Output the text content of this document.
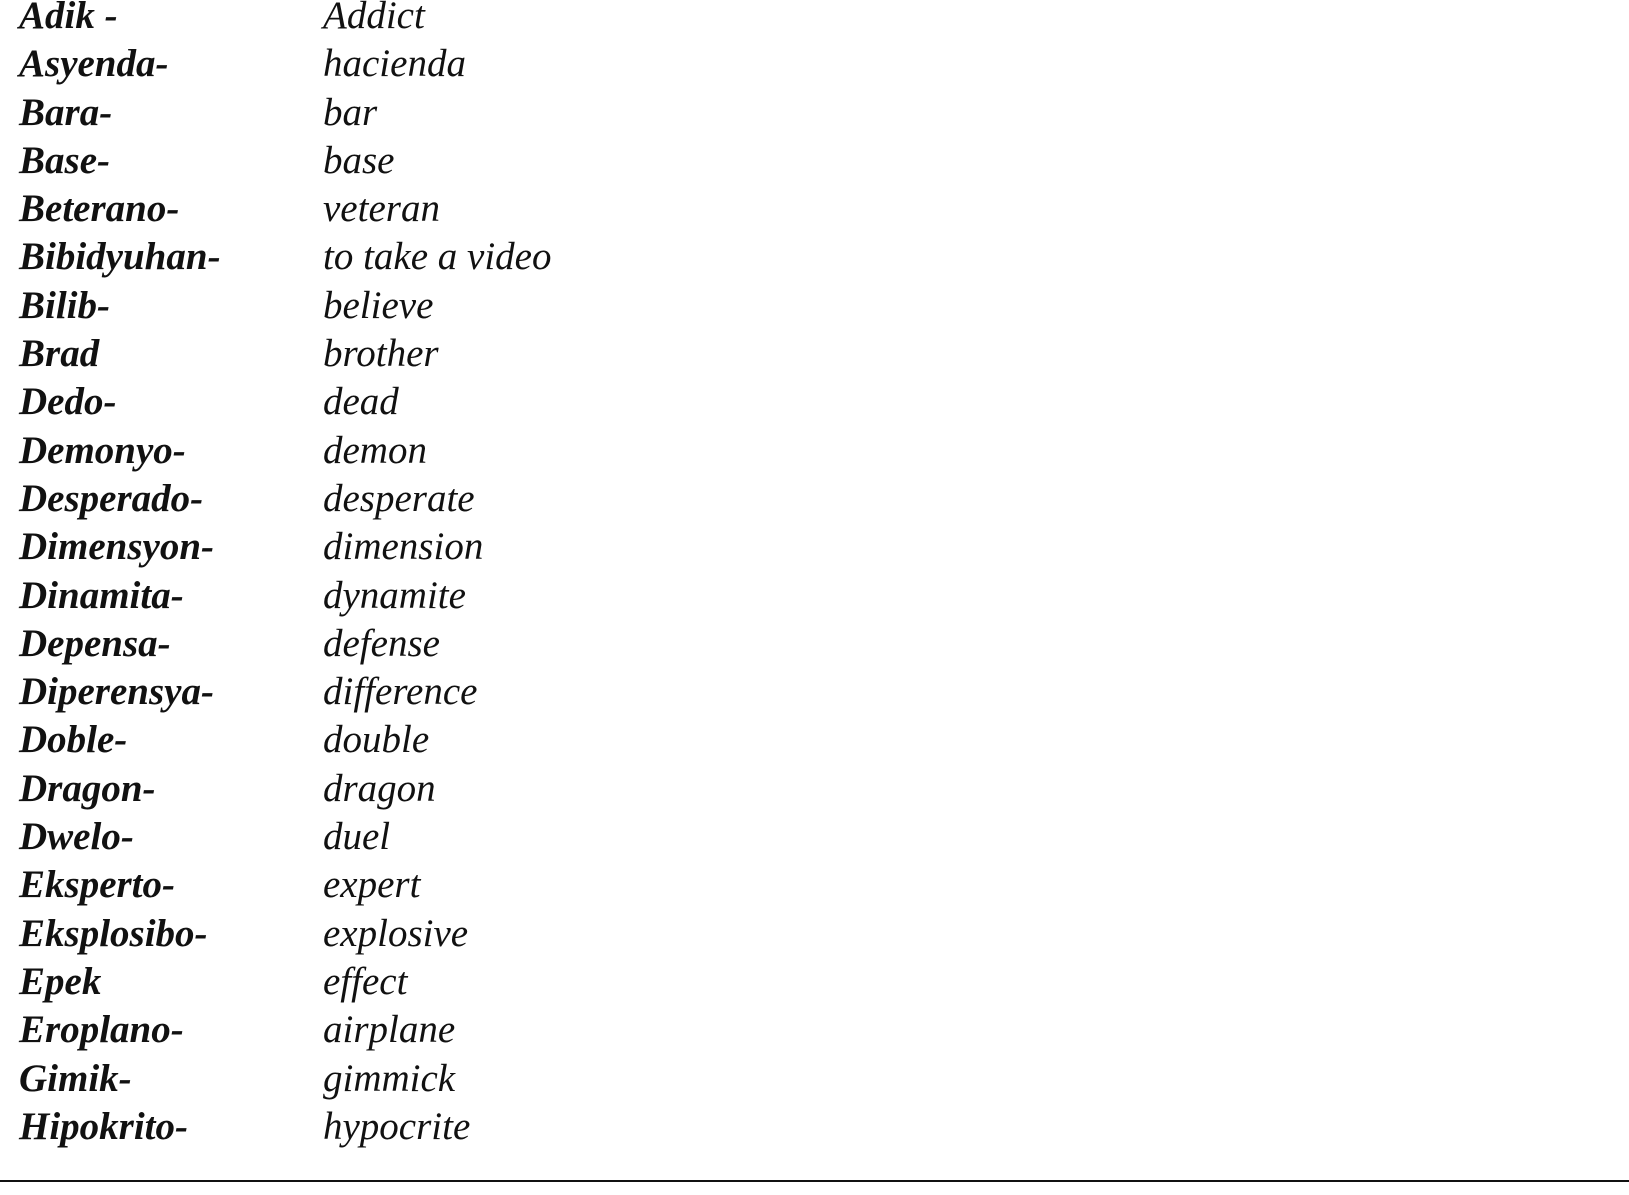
Adik -	Addict
Asyenda-	hacienda
Bara-	bar
Base-	base
Beterano-	veteran
Bibidyuhan-	to take a video
Bilib-	believe
Brad	brother
Dedo-	dead
Demonyo-	demon
Desperado-	desperate
Dimensyon-	dimension
Dinamita-	dynamite
Depensa-	defense
Diperensya-	difference
Doble-	double
Dragon-	dragon
Dwelo-	duel
Eksperto-	expert
Eksplosibo-	explosive
Epek	effect
Eroplano-	airplane
Gimik-	gimmick
Hipokrito-	hypocrite
